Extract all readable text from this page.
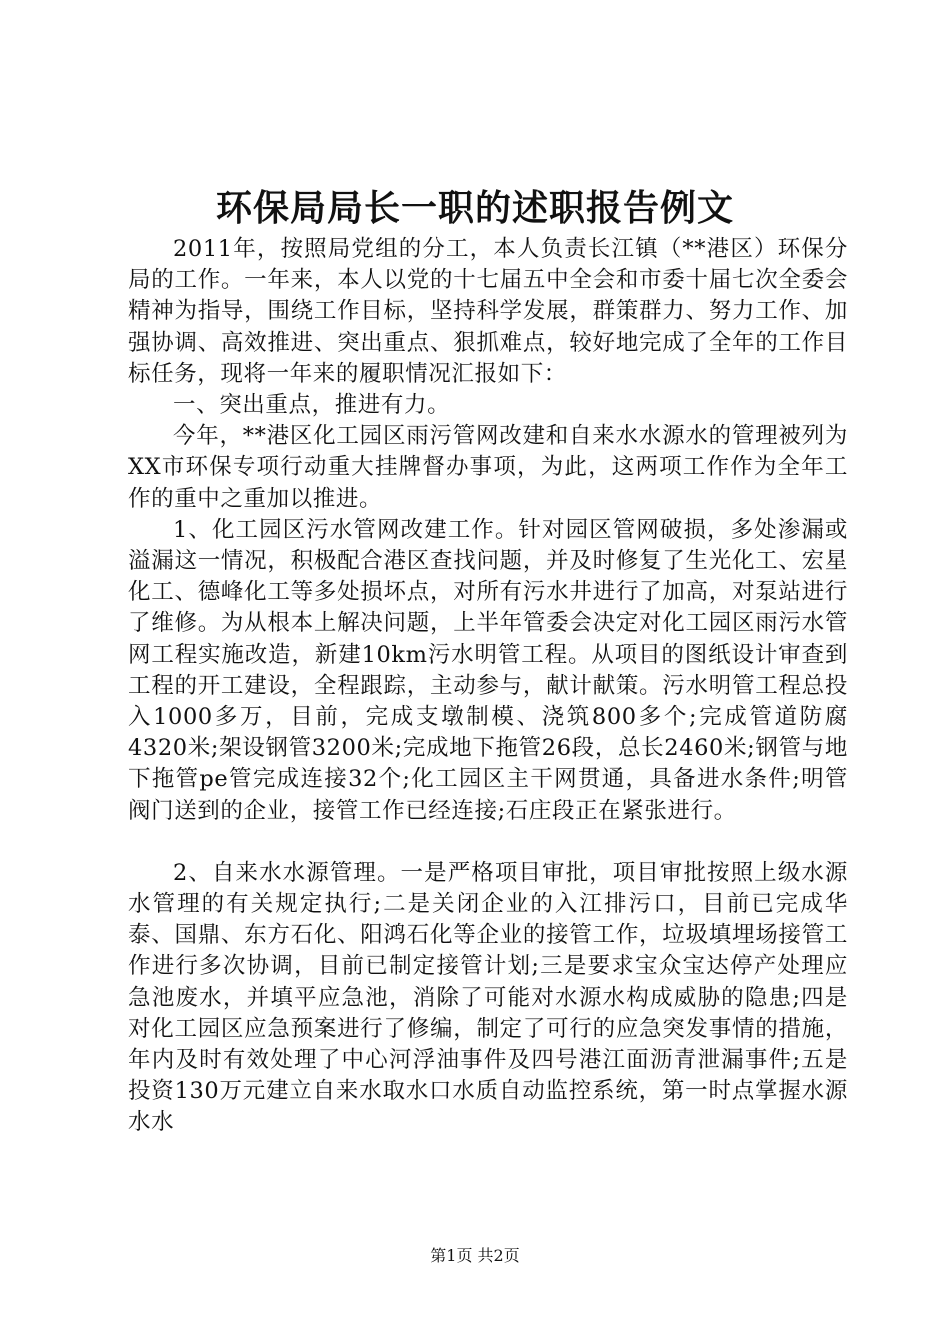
环保局局长一职的述职报告例文

2011年，按照局党组的分工，本人负责长江镇（**港区）环保分局的工作。一年来，本人以党的十七届五中全会和市委十届七次全委会精神为指导，围绕工作目标，坚持科学发展，群策群力、努力工作、加强协调、高效推进、突出重点、狠抓难点，较好地完成了全年的工作目标任务，现将一年来的履职情况汇报如下：

一、突出重点，推进有力。

今年，**港区化工园区雨污管网改建和自来水水源水的管理被列为XX市环保专项行动重大挂牌督办事项，为此，这两项工作作为全年工作的重中之重加以推进。

1、化工园区污水管网改建工作。针对园区管网破损，多处渗漏或溢漏这一情况，积极配合港区查找问题，并及时修复了生光化工、宏星化工、德峰化工等多处损坏点，对所有污水井进行了加高，对泵站进行了维修。为从根本上解决问题，上半年管委会决定对化工园区雨污水管网工程实施改造，新建10km污水明管工程。从项目的图纸设计审查到工程的开工建设，全程跟踪，主动参与，献计献策。污水明管工程总投入1000多万，目前，完成支墩制模、浇筑800多个;完成管道防腐4320米;架设钢管3200米;完成地下拖管26段，总长2460米;钢管与地下拖管pe管完成连接32个;化工园区主干网贯通，具备进水条件;明管阀门送到的企业，接管工作已经连接;石庄段正在紧张进行。

2、自来水水源管理。一是严格项目审批，项目审批按照上级水源水管理的有关规定执行;二是关闭企业的入江排污口，目前已完成华泰、国鼎、东方石化、阳鸿石化等企业的接管工作，垃圾填埋场接管工作进行多次协调，目前已制定接管计划;三是要求宝众宝达停产处理应急池废水，并填平应急池，消除了可能对水源水构成威胁的隐患;四是对化工园区应急预案进行了修编，制定了可行的应急突发事情的措施，年内及时有效处理了中心河浮油事件及四号港江面沥青泄漏事件;五是投资130万元建立自来水取水口水质自动监控系统，第一时点掌握水源水水

第1页 共2页
